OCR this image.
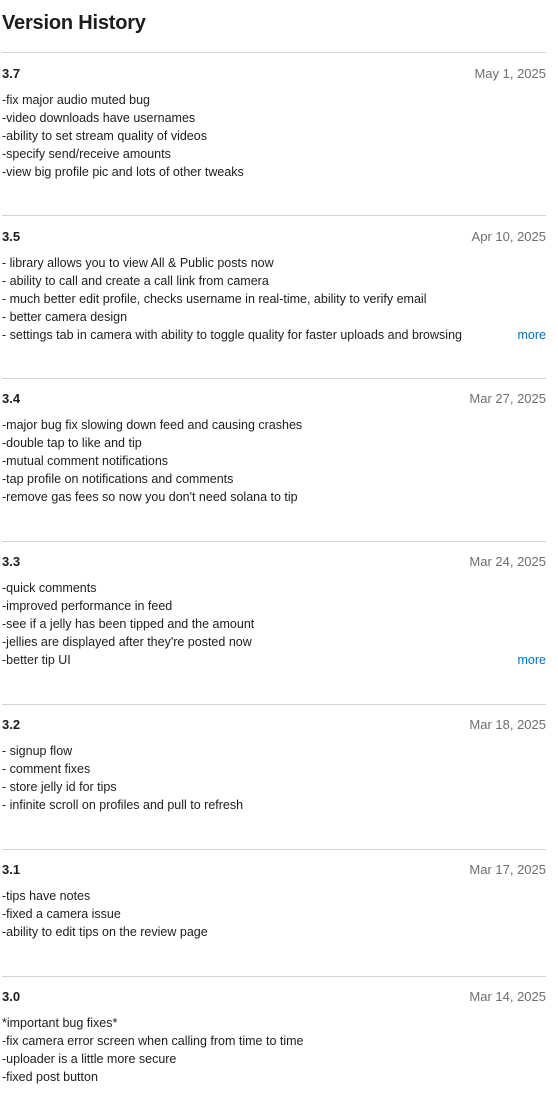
Version History
3.7	May 1, 2025
-fix major audio muted bug
-video downloads have usernames
-ability to set stream quality of videos
-specify send/receive amounts
-view big profile pic and lots of other tweaks
3.5	Apr 10, 2025
- library allows you to view All & Public posts now
- ability to call and create a call link from camera
- much better edit profile, checks username in real-time, ability to verify email
- better camera design
- settings tab in camera with ability to toggle quality for faster uploads and browsing	more
3.4	Mar 27, 2025
-major bug fix slowing down feed and causing crashes
-double tap to like and tip
-mutual comment notifications
-tap profile on notifications and comments
-remove gas fees so now you don't need solana to tip
3.3	Mar 24, 2025
-quick comments
-improved performance in feed
-see if a jelly has been tipped and the amount
-jellies are displayed after they're posted now
-better tip UI	more
3.2	Mar 18, 2025
- signup flow
- comment fixes
- store jelly id for tips
- infinite scroll on profiles and pull to refresh
3.1	Mar 17, 2025
-tips have notes
-fixed a camera issue
-ability to edit tips on the review page
3.0	Mar 14, 2025
*important bug fixes*
-fix camera error screen when calling from time to time
-uploader is a little more secure
-fixed post button
